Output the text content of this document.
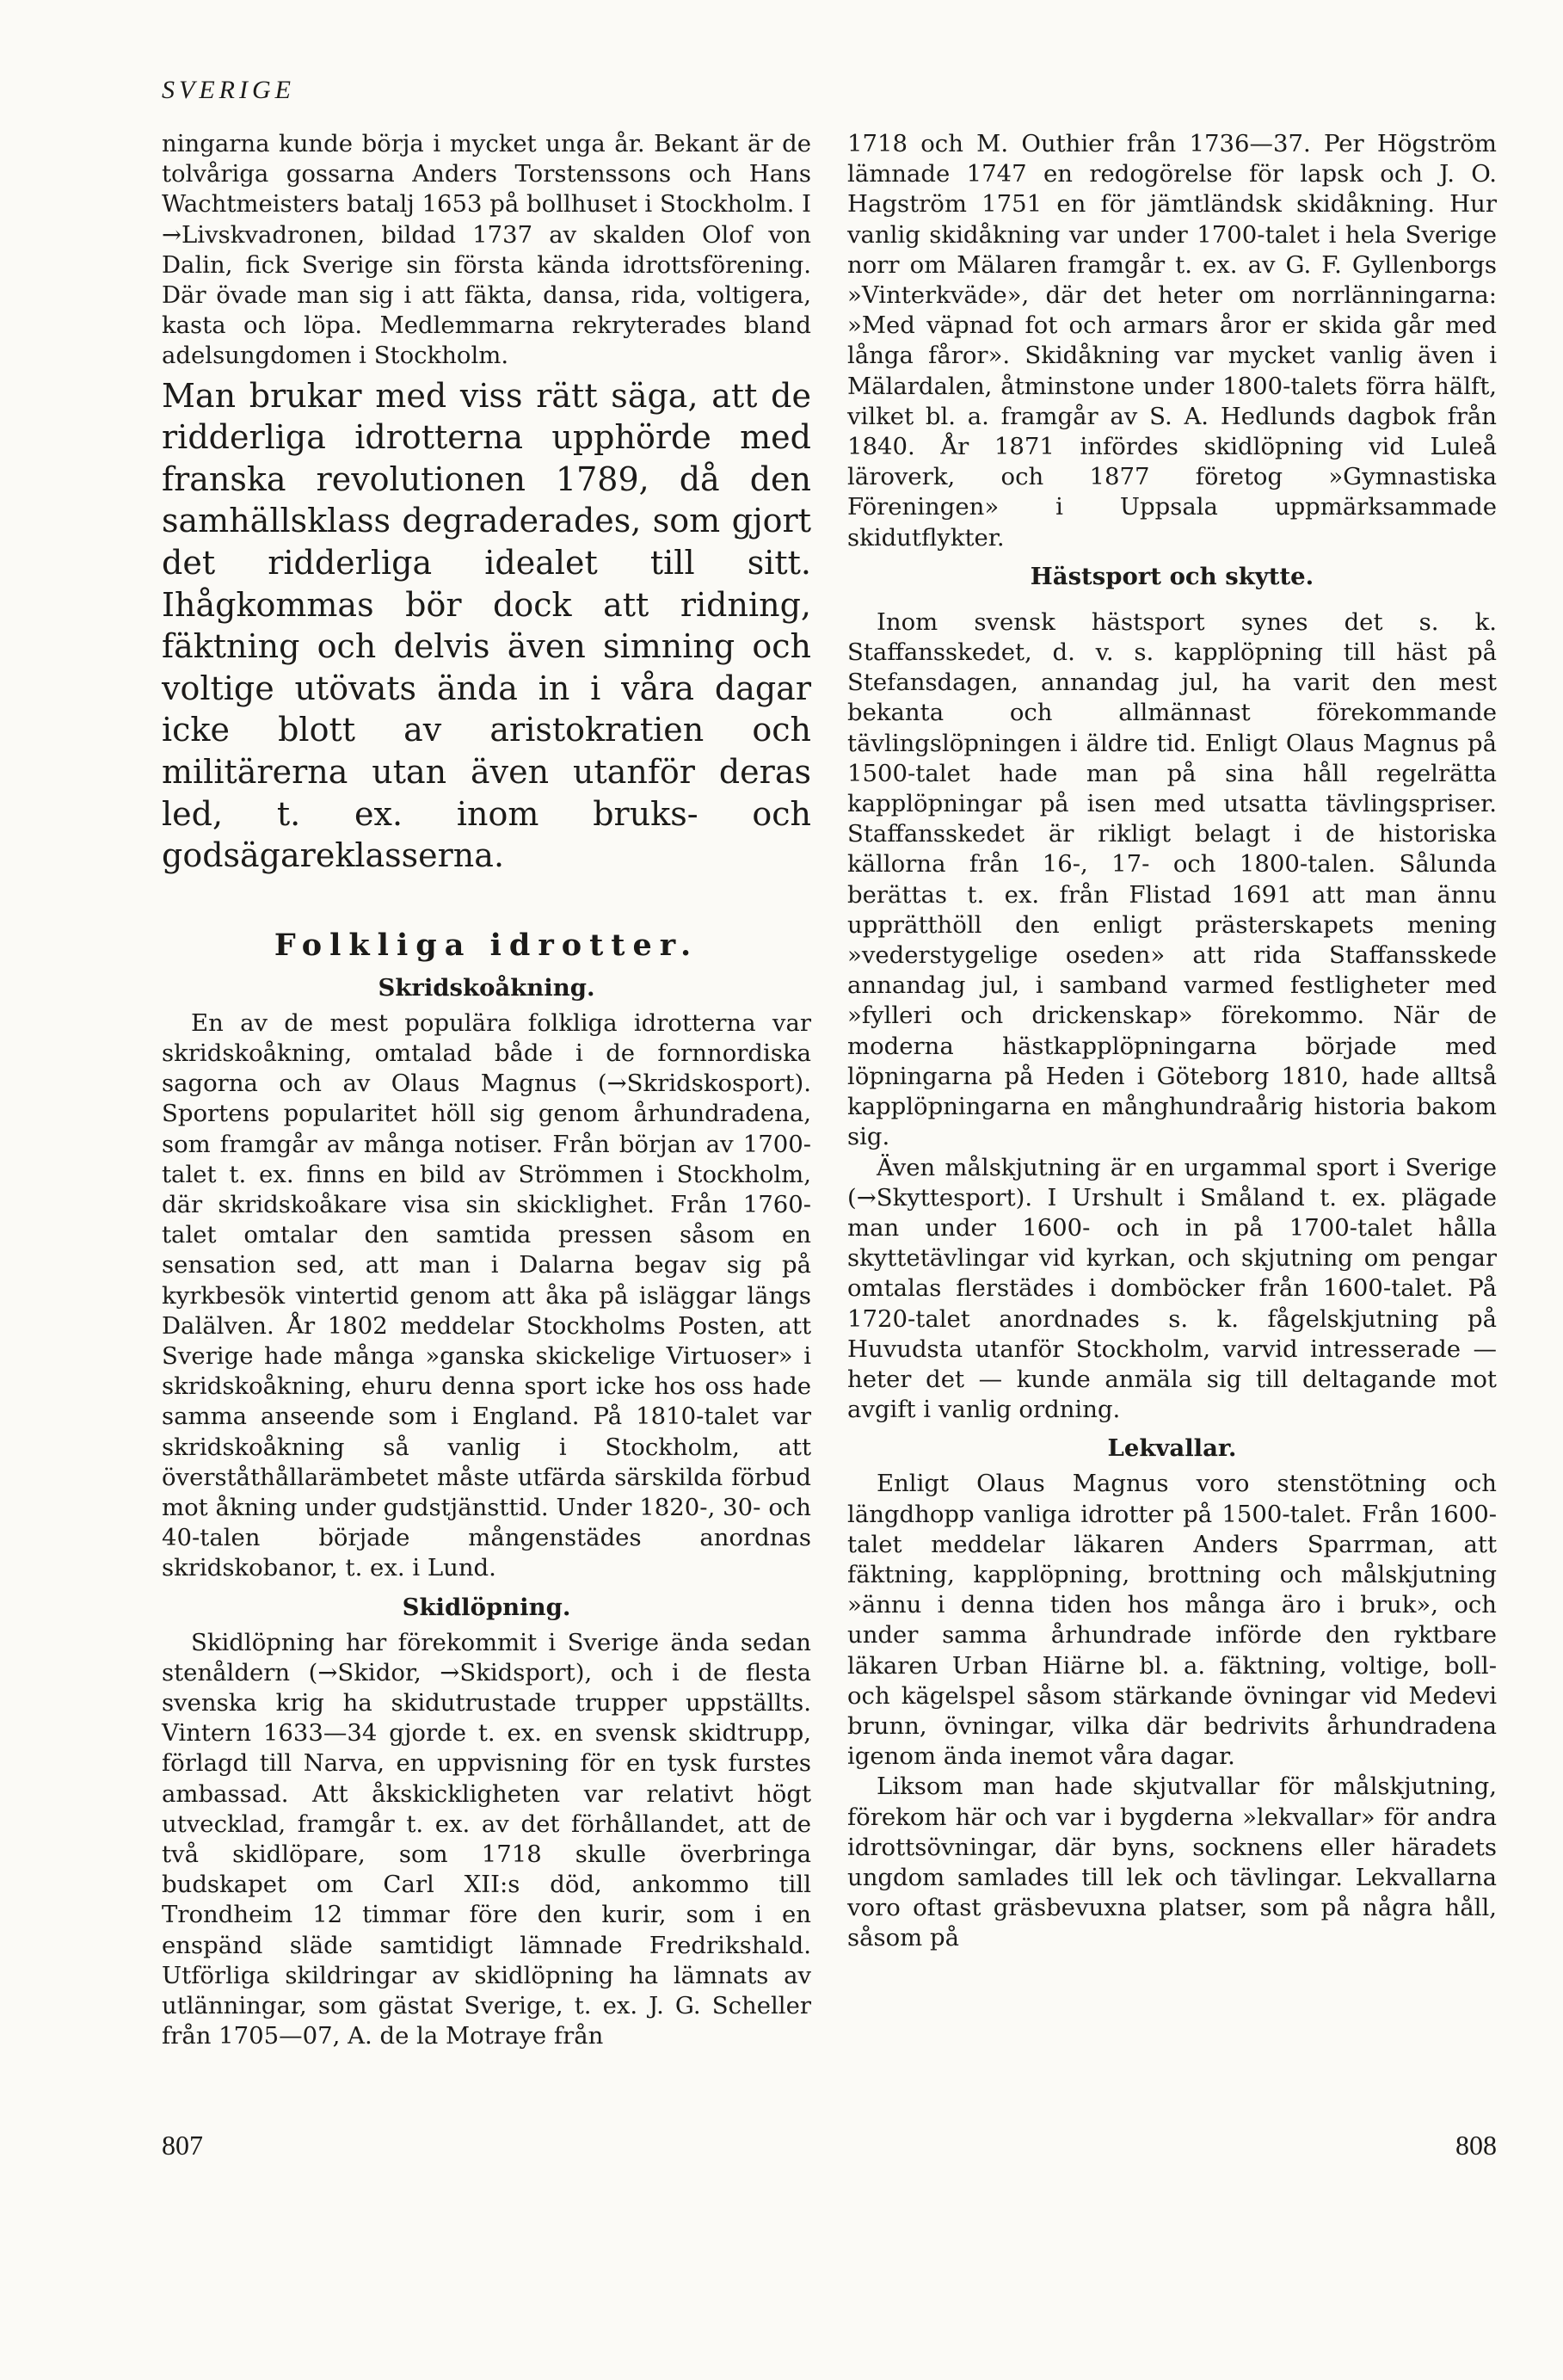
SVERIGE

ningarna kunde börja i mycket unga år. Bekant är de tolvåriga gossarna Anders Torstenssons och Hans Wachtmeisters batalj 1653 på bollhuset i Stockholm. I →Livskvadronen, bildad 1737 av skalden Olof von Dalin, fick Sverige sin första kända idrottsförening. Där övade man sig i att fäkta, dansa, rida, voltigera, kasta och löpa. Medlemmarna rekryterades bland adelsungdomen i Stockholm.

Man brukar med viss rätt säga, att de ridderliga idrotterna upphörde med franska revolutionen 1789, då den samhällsklass degraderades, som gjort det ridderliga idealet till sitt. Ihågkommas bör dock att ridning, fäktning och delvis även simning och voltige utövats ända in i våra dagar icke blott av aristokratien och militärerna utan även utanför deras led, t. ex. inom bruks- och godsägareklasserna.

Folkliga idrotter.
Skridskoåkning.

En av de mest populära folkliga idrotterna var skridskoåkning, omtalad både i de fornnordiska sagorna och av Olaus Magnus (→Skridskosport). Sportens popularitet höll sig genom århundradena, som framgår av många notiser. Från början av 1700-talet t. ex. finns en bild av Strömmen i Stockholm, där skridskoåkare visa sin skicklighet. Från 1760-talet omtalar den samtida pressen såsom en sensation sed, att man i Dalarna begav sig på kyrkbesök vintertid genom att åka på isläggar längs Dalälven. År 1802 meddelar Stockholms Posten, att Sverige hade många »ganska skickelige Virtuoser» i skridskoåkning, ehuru denna sport icke hos oss hade samma anseende som i England. På 1810-talet var skridskoåkning så vanlig i Stockholm, att överståthållarämbetet måste utfärda särskilda förbud mot åkning under gudstjänsttid. Under 1820-, 30- och 40-talen började mångenstädes anordnas skridskobanor, t. ex. i Lund.

Skidlöpning.

Skidlöpning har förekommit i Sverige ända sedan stenåldern (→Skidor, →Skidsport), och i de flesta svenska krig ha skidutrustade trupper uppställts. Vintern 1633—34 gjorde t. ex. en svensk skidtrupp, förlagd till Narva, en uppvisning för en tysk furstes ambassad. Att åkskickligheten var relativt högt utvecklad, framgår t. ex. av det förhållandet, att de två skidlöpare, som 1718 skulle överbringa budskapet om Carl XII:s död, ankommo till Trondheim 12 timmar före den kurir, som i en enspänd släde samtidigt lämnade Fredrikshald. Utförliga skildringar av skidlöpning ha lämnats av utlänningar, som gästat Sverige, t. ex. J. G. Scheller från 1705—07, A. de la Motraye från

1718 och M. Outhier från 1736—37. Per Högström lämnade 1747 en redogörelse för lapsk och J. O. Hagström 1751 en för jämtländsk skidåkning. Hur vanlig skidåkning var under 1700-talet i hela Sverige norr om Mälaren framgår t. ex. av G. F. Gyllenborgs »Vinterkväde», där det heter om norrlänningarna: »Med väpnad fot och armars åror er skida går med långa fåror». Skidåkning var mycket vanlig även i Mälardalen, åtminstone under 1800-talets förra hälft, vilket bl. a. framgår av S. A. Hedlunds dagbok från 1840. År 1871 infördes skidlöpning vid Luleå läroverk, och 1877 företog »Gymnastiska Föreningen» i Uppsala uppmärksammade skidutflykter.

Hästsport och skytte.

Inom svensk hästsport synes det s. k. Staffansskedet, d. v. s. kapplöpning till häst på Stefansdagen, annandag jul, ha varit den mest bekanta och allmännast förekommande tävlingslöpningen i äldre tid. Enligt Olaus Magnus på 1500-talet hade man på sina håll regelrätta kapplöpningar på isen med utsatta tävlingspriser. Staffansskedet är rikligt belagt i de historiska källorna från 16-, 17- och 1800-talen. Sålunda berättas t. ex. från Flistad 1691 att man ännu upprätthöll den enligt prästerskapets mening »vederstygelige oseden» att rida Staffansskede annandag jul, i samband varmed festligheter med »fylleri och drickenskap» förekommo. När de moderna hästkapplöpningarna började med löpningarna på Heden i Göteborg 1810, hade alltså kapplöpningarna en månghundraårig historia bakom sig.

Även målskjutning är en urgammal sport i Sverige (→Skyttesport). I Urshult i Småland t. ex. plägade man under 1600- och in på 1700-talet hålla skyttetävlingar vid kyrkan, och skjutning om pengar omtalas flerstädes i domböcker från 1600-talet. På 1720-talet anordnades s. k. fågelskjutning på Huvudsta utanför Stockholm, varvid intresserade — heter det — kunde anmäla sig till deltagande mot avgift i vanlig ordning.

Lekvallar.

Enligt Olaus Magnus voro stenstötning och längdhopp vanliga idrotter på 1500-talet. Från 1600-talet meddelar läkaren Anders Sparrman, att fäktning, kapplöpning, brottning och målskjutning »ännu i denna tiden hos många äro i bruk», och under samma århundrade införde den ryktbare läkaren Urban Hiärne bl. a. fäktning, voltige, boll- och kägelspel såsom stärkande övningar vid Medevi brunn, övningar, vilka där bedrivits århundradena igenom ända inemot våra dagar.

Liksom man hade skjutvallar för målskjutning, förekom här och var i bygderna »lekvallar» för andra idrottsövningar, där byns, socknens eller häradets ungdom samlades till lek och tävlingar. Lekvallarna voro oftast gräsbevuxna platser, som på några håll, såsom på

807	808
